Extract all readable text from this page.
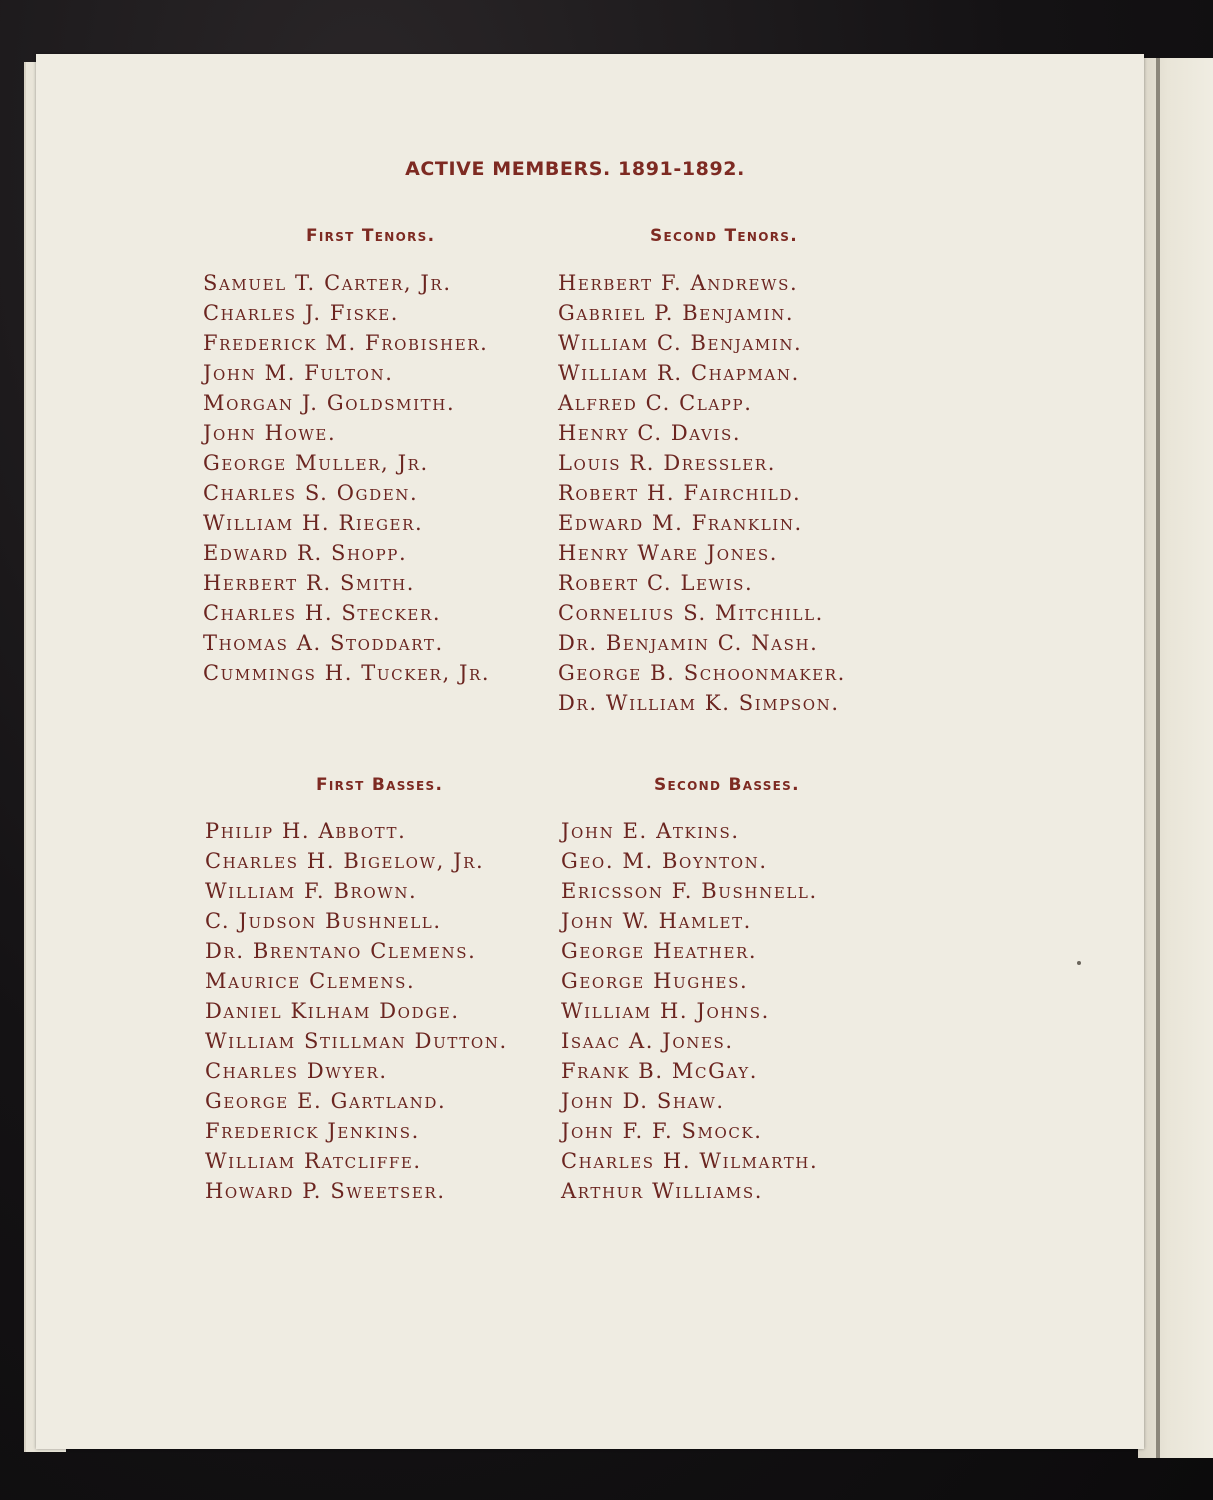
ACTIVE MEMBERS. 1891-1892.
First Tenors.
Samuel T. Carter, Jr.
Charles J. Fiske.
Frederick M. Frobisher.
John M. Fulton.
Morgan J. Goldsmith.
John Howe.
George Muller, Jr.
Charles S. Ogden.
William H. Rieger.
Edward R. Shopp.
Herbert R. Smith.
Charles H. Stecker.
Thomas A. Stoddart.
Cummings H. Tucker, Jr.
Second Tenors.
Herbert F. Andrews.
Gabriel P. Benjamin.
William C. Benjamin.
William R. Chapman.
Alfred C. Clapp.
Henry C. Davis.
Louis R. Dressler.
Robert H. Fairchild.
Edward M. Franklin.
Henry Ware Jones.
Robert C. Lewis.
Cornelius S. Mitchill.
Dr. Benjamin C. Nash.
George B. Schoonmaker.
Dr. William K. Simpson.
First Basses.
Philip H. Abbott.
Charles H. Bigelow, Jr.
William F. Brown.
C. Judson Bushnell.
Dr. Brentano Clemens.
Maurice Clemens.
Daniel Kilham Dodge.
William Stillman Dutton.
Charles Dwyer.
George E. Gartland.
Frederick Jenkins.
William Ratcliffe.
Howard P. Sweetser.
Second Basses.
John E. Atkins.
Geo. M. Boynton.
Ericsson F. Bushnell.
John W. Hamlet.
George Heather.
George Hughes.
William H. Johns.
Isaac A. Jones.
Frank B. McGay.
John D. Shaw.
John F. F. Smock.
Charles H. Wilmarth.
Arthur Williams.
